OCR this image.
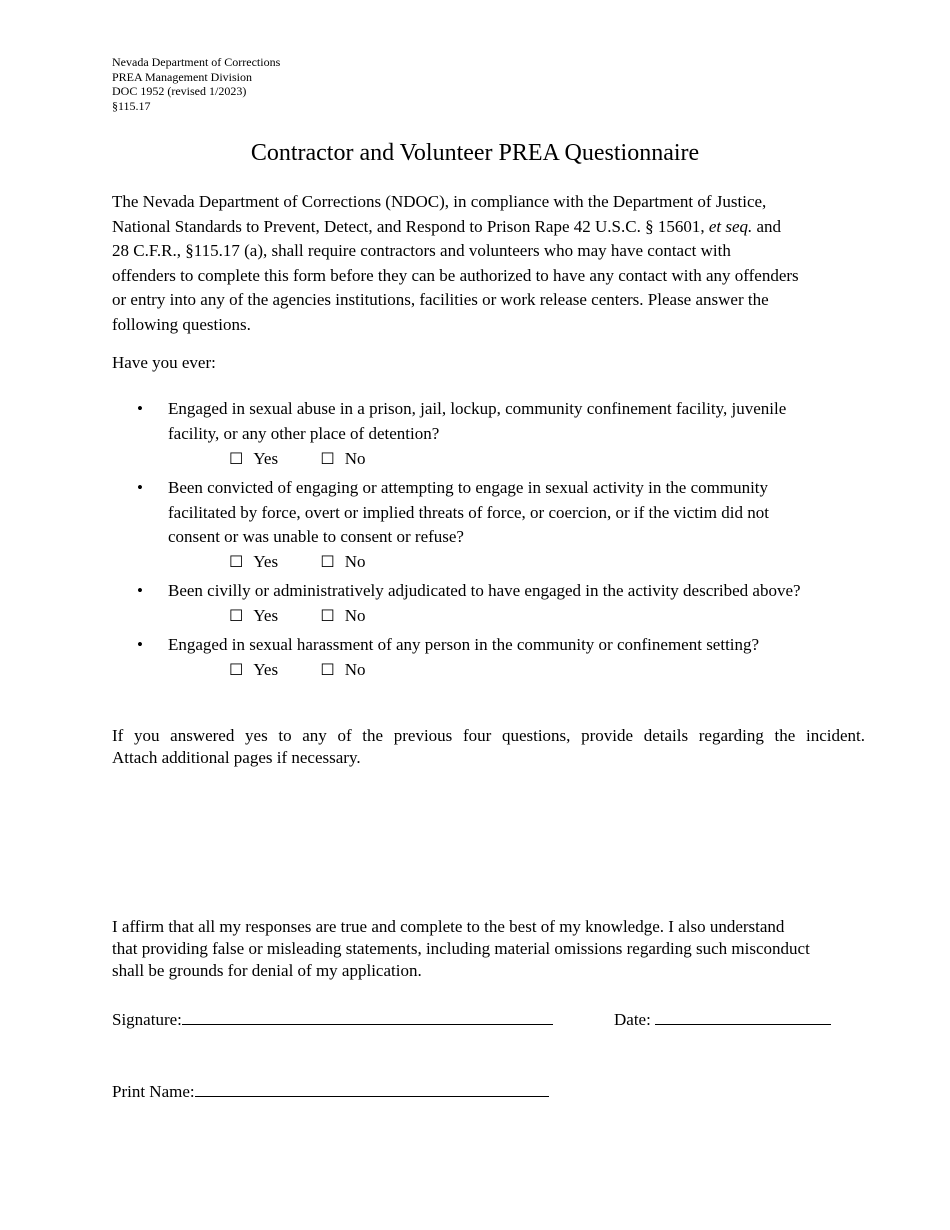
Nevada Department of Corrections
PREA Management Division
DOC 1952 (revised 1/2023)
§115.17
Contractor and Volunteer PREA Questionnaire
The Nevada Department of Corrections (NDOC), in compliance with the Department of Justice,
National Standards to Prevent, Detect, and Respond to Prison Rape 42 U.S.C. § 15601, et seq. and
28 C.F.R., §115.17 (a), shall require contractors and volunteers who may have contact with
offenders to complete this form before they can be authorized to have any contact with any offenders
or entry into any of the agencies institutions, facilities or work release centers. Please answer the
following questions.
Have you ever:
• Engaged in sexual abuse in a prison, jail, lockup, community confinement facility, juvenile
facility, or any other place of detention?
☐ Yes	☐ No
• Been convicted of engaging or attempting to engage in sexual activity in the community
facilitated by force, overt or implied threats of force, or coercion, or if the victim did not
consent or was unable to consent or refuse?
☐ Yes	☐ No
• Been civilly or administratively adjudicated to have engaged in the activity described above?
☐ Yes	☐ No
• Engaged in sexual harassment of any person in the community or confinement setting?
☐ Yes	☐ No
If you answered yes to any of the previous four questions, provide details regarding the incident.
Attach additional pages if necessary.
I affirm that all my responses are true and complete to the best of my knowledge. I also understand
that providing false or misleading statements, including material omissions regarding such misconduct
shall be grounds for denial of my application.
Signature:	Date:
Print Name:
